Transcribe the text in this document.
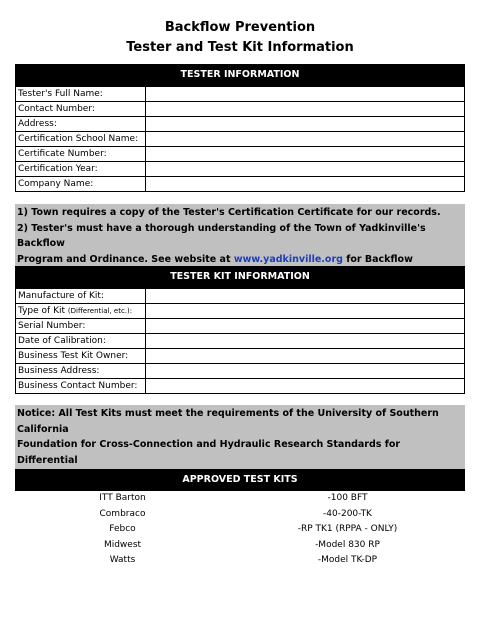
Backflow Prevention
Tester and Test Kit Information
TESTER INFORMATION
Tester's Full Name:	
Contact Number:	
Address:	
Certification School Name:	
Certificate Number:	
Certification Year:	
Company Name:	
1) Town requires a copy of the Tester's Certification Certificate for our records.
2) Tester's must have a thorough understanding of the Town of Yadkinville's Backflow
Program and Ordinance. See website at www.yadkinville.org for Backflow
TESTER KIT INFORMATION
Manufacture of Kit:	
Type of Kit (Differential, etc.):	
Serial Number:	
Date of Calibration:	
Business Test Kit Owner:	
Business Address:	
Business Contact Number:	
Notice: All Test Kits must meet the requirements of the University of Southern California
Foundation for Cross-Connection and Hydraulic Research Standards for Differential
APPROVED TEST KITS
ITT Barton	-100 BFT
Combraco	-40-200-TK
Febco	-RP TK1 (RPPA - ONLY)
Midwest	-Model 830 RP
Watts	-Model TK-DP
